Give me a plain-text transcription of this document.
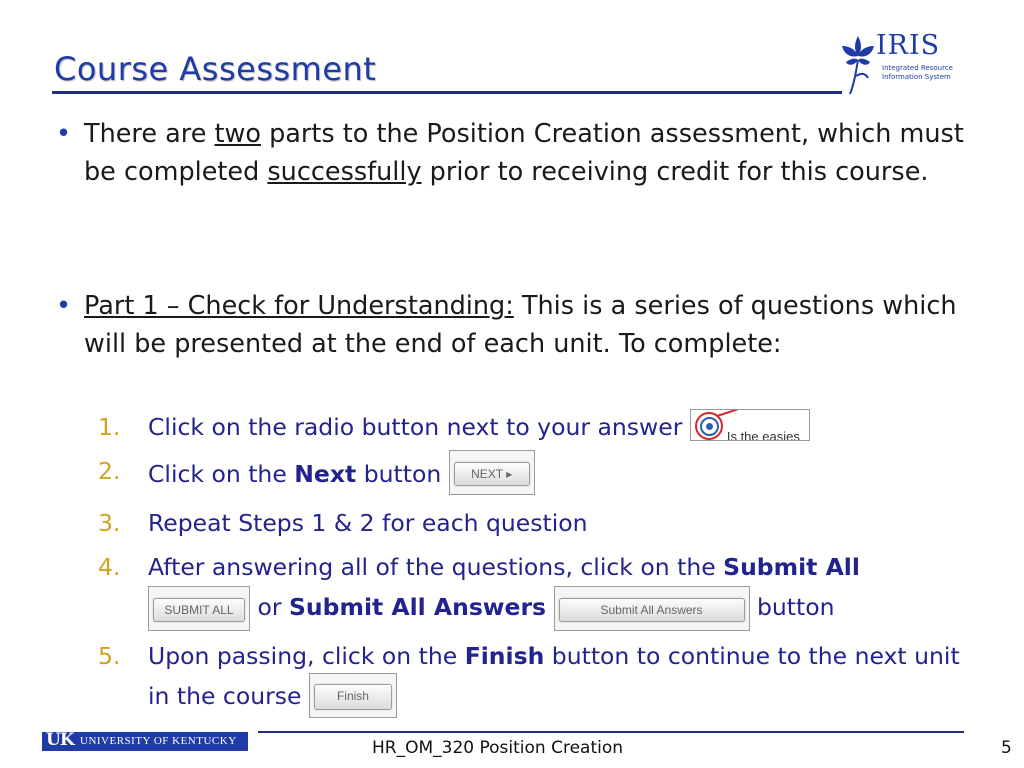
Course Assessment
IRIS
Integrated Resource
Information System
• There are two parts to the Position Creation assessment, which must be completed successfully prior to receiving credit for this course.
• Part 1 – Check for Understanding: This is a series of questions which will be presented at the end of each unit. To complete:
1.	Click on the radio button next to your answer	Is the easies
2.	Click on the Next button NEXT ▸
3.	Repeat Steps 1 & 2 for each question
4.	After answering all of the questions, click on the Submit All
SUBMIT ALL or Submit All Answers	Submit All Answers button
5.	Upon passing, click on the Finish button to continue to the next unit in the course Finish
UK UNIVERSITY OF KENTUCKY	HR_OM_320 Position Creation	5
